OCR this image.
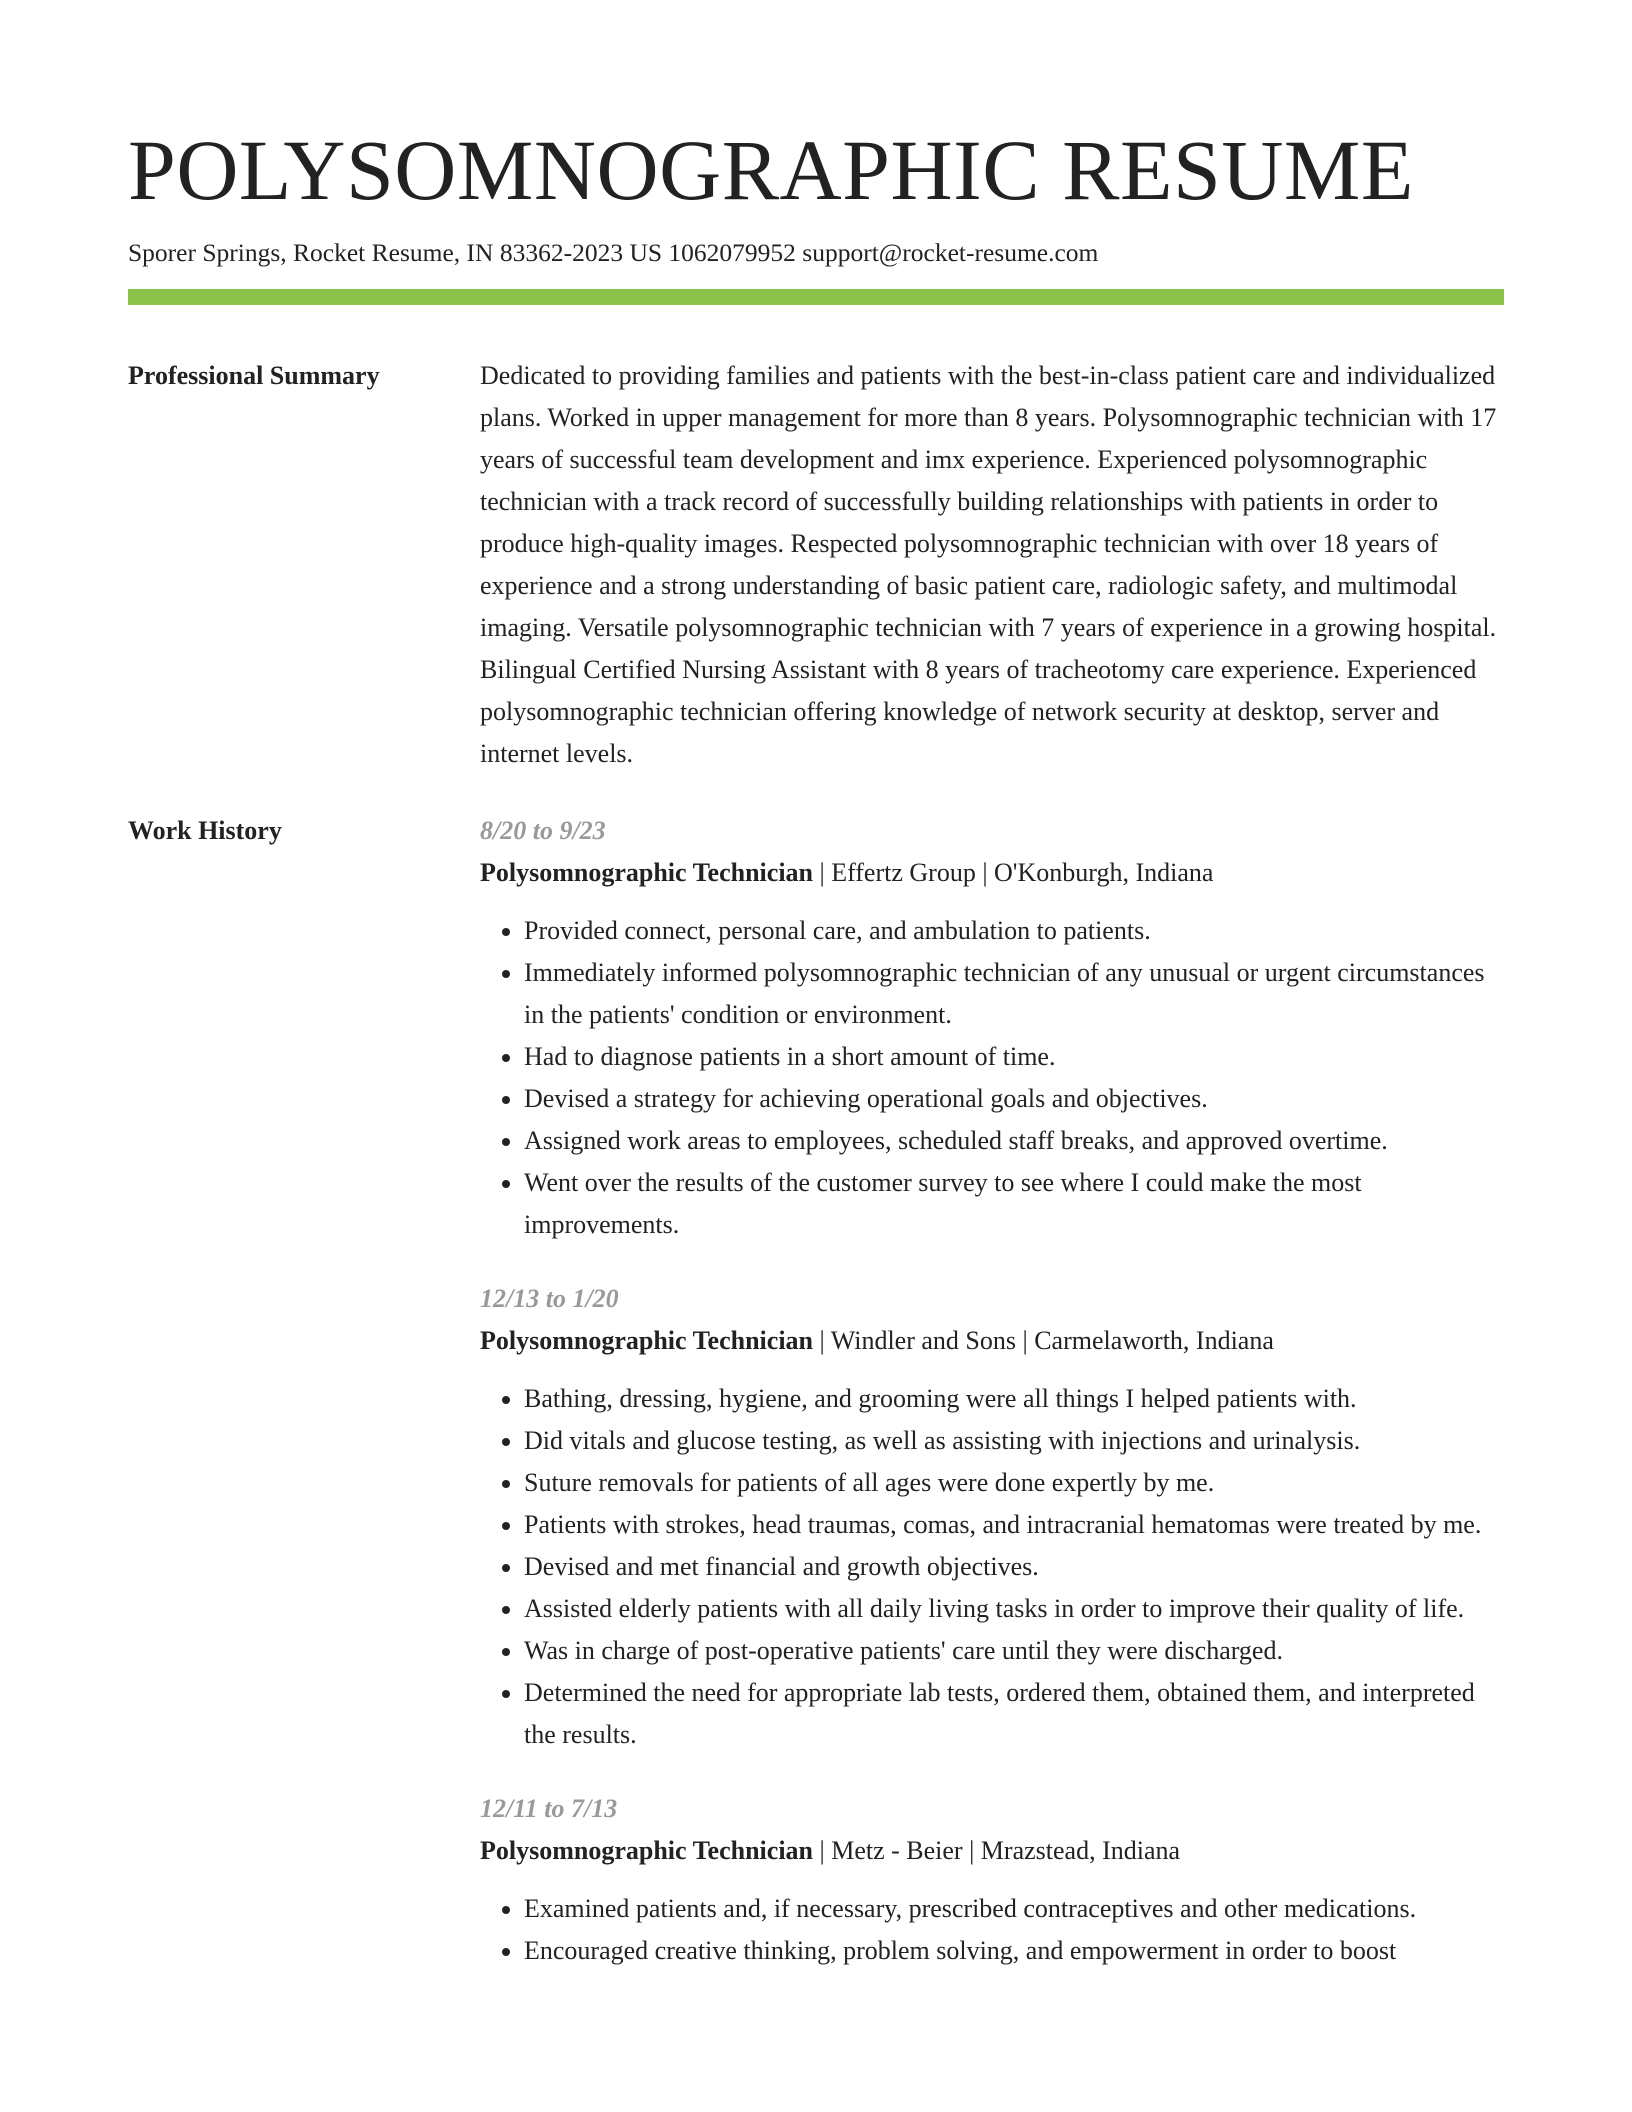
POLYSOMNOGRAPHIC RESUME
Sporer Springs, Rocket Resume, IN 83362-2023 US 1062079952 support@rocket-resume.com
Professional Summary	Dedicated to providing families and patients with the best-in-class patient care and individualized plans. Worked in upper management for more than 8 years. Polysomnographic technician with 17 years of successful team development and imx experience. Experienced polysomnographic technician with a track record of successfully building relationships with patients in order to produce high-quality images. Respected polysomnographic technician with over 18 years of experience and a strong understanding of basic patient care, radiologic safety, and multimodal imaging. Versatile polysomnographic technician with 7 years of experience in a growing hospital. Bilingual Certified Nursing Assistant with 8 years of tracheotomy care experience. Experienced polysomnographic technician offering knowledge of network security at desktop, server and internet levels.
Work History	8/20 to 9/23
Polysomnographic Technician | Effertz Group | O'Konburgh, Indiana
• Provided connect, personal care, and ambulation to patients.
• Immediately informed polysomnographic technician of any unusual or urgent circumstances in the patients' condition or environment.
• Had to diagnose patients in a short amount of time.
• Devised a strategy for achieving operational goals and objectives.
• Assigned work areas to employees, scheduled staff breaks, and approved overtime.
• Went over the results of the customer survey to see where I could make the most improvements.
12/13 to 1/20
Polysomnographic Technician | Windler and Sons | Carmelaworth, Indiana
• Bathing, dressing, hygiene, and grooming were all things I helped patients with.
• Did vitals and glucose testing, as well as assisting with injections and urinalysis.
• Suture removals for patients of all ages were done expertly by me.
• Patients with strokes, head traumas, comas, and intracranial hematomas were treated by me.
• Devised and met financial and growth objectives.
• Assisted elderly patients with all daily living tasks in order to improve their quality of life.
• Was in charge of post-operative patients' care until they were discharged.
• Determined the need for appropriate lab tests, ordered them, obtained them, and interpreted the results.
12/11 to 7/13
Polysomnographic Technician | Metz - Beier | Mrazstead, Indiana
• Examined patients and, if necessary, prescribed contraceptives and other medications.
• Encouraged creative thinking, problem solving, and empowerment in order to boost
